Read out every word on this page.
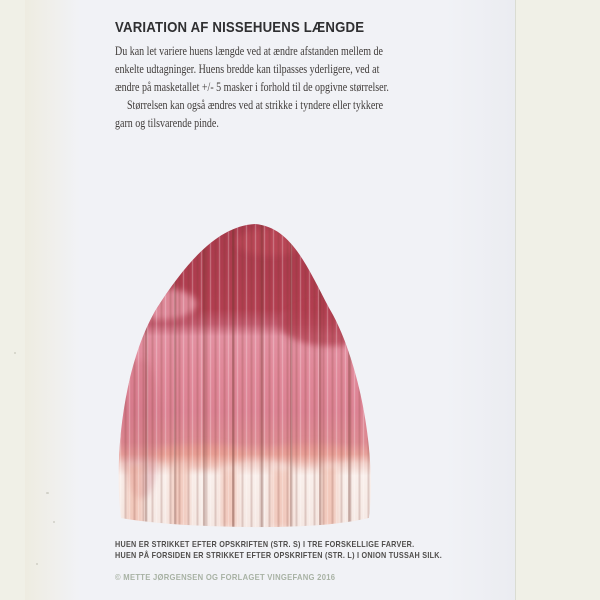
VARIATION AF NISSEHUENS LÆNGDE
Du kan let variere huens længde ved at ændre afstanden mellem de
enkelte udtagninger. Huens bredde kan tilpasses yderligere, ved at
ændre på masketallet +/- 5 masker i forhold til de opgivne størrelser.
Størrelsen kan også ændres ved at strikke i tyndere eller tykkere
garn og tilsvarende pinde.
HUEN ER STRIKKET EFTER OPSKRIFTEN (STR. S) I TRE FORSKELLIGE FARVER.
HUEN PÅ FORSIDEN ER STRIKKET EFTER OPSKRIFTEN (STR. L) I ONION TUSSAH SILK.
© METTE JØRGENSEN OG FORLAGET VINGEFANG 2016
